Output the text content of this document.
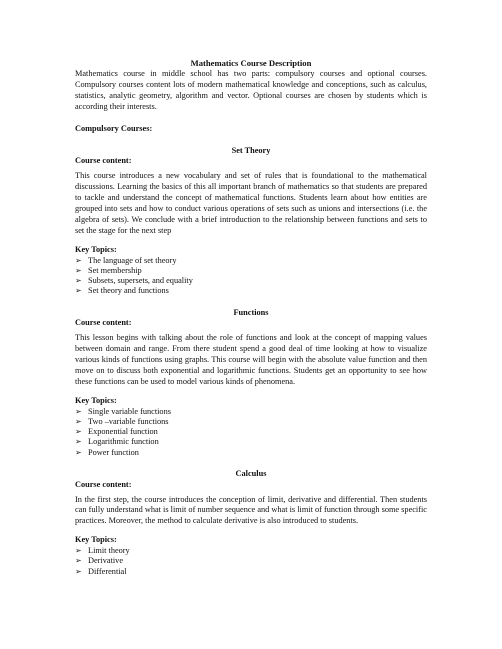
Mathematics Course Description

Mathematics course in middle school has two parts: compulsory courses and optional courses. Compulsory courses content lots of modern mathematical knowledge and conceptions, such as calculus, statistics, analytic geometry, algorithm and vector. Optional courses are chosen by students which is according their interests.

Compulsory Courses:

Set Theory

Course content:

This course introduces a new vocabulary and set of rules that is foundational to the mathematical discussions. Learning the basics of this all important branch of mathematics so that students are prepared to tackle and understand the concept of mathematical functions. Students learn about how entities are grouped into sets and how to conduct various operations of sets such as unions and intersections (i.e. the algebra of sets). We conclude with a brief introduction to the relationship between functions and sets to set the stage for the next step

Key Topics:

➢ The language of set theory
➢ Set membership
➢ Subsets, supersets, and equality
➢ Set theory and functions

Functions

Course content:

This lesson begins with talking about the role of functions and look at the concept of mapping values between domain and range. From there student spend a good deal of time looking at how to visualize various kinds of functions using graphs. This course will begin with the absolute value function and then move on to discuss both exponential and logarithmic functions. Students get an opportunity to see how these functions can be used to model various kinds of phenomena.

Key Topics:

➢ Single variable functions
➢ Two –variable functions
➢ Exponential function
➢ Logarithmic function
➢ Power function

Calculus

Course content:

In the first step, the course introduces the conception of limit, derivative and differential. Then students can fully understand what is limit of number sequence and what is limit of function through some specific practices. Moreover, the method to calculate derivative is also introduced to students.

Key Topics:

➢ Limit theory
➢ Derivative
➢ Differential
